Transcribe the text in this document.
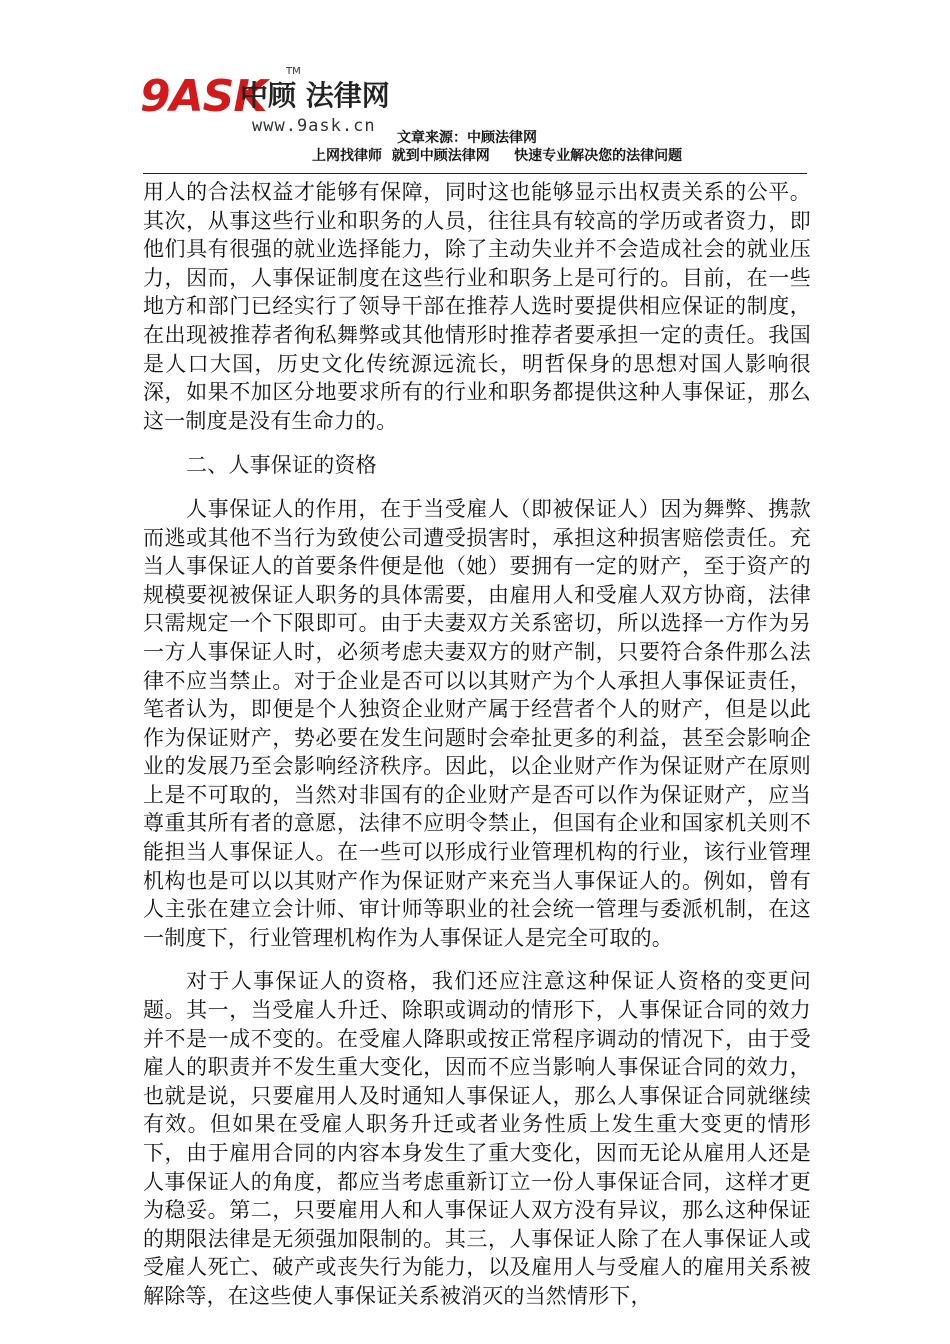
9ASK
中顾 法律网
TM
www.9ask.cn
文章来源：中顾法律网
上网找律师  就到中顾法律网     快速专业解决您的法律问题

用人的合法权益才能够有保障，同时这也能够显示出权责关系的公平。其次，从事这些行业和职务的人员，往往具有较高的学历或者资力，即他们具有很强的就业选择能力，除了主动失业并不会造成社会的就业压力，因而，人事保证制度在这些行业和职务上是可行的。目前，在一些地方和部门已经实行了领导干部在推荐人选时要提供相应保证的制度，在出现被推荐者徇私舞弊或其他情形时推荐者要承担一定的责任。我国是人口大国，历史文化传统源远流长，明哲保身的思想对国人影响很深，如果不加区分地要求所有的行业和职务都提供这种人事保证，那么这一制度是没有生命力的。

二、人事保证的资格

人事保证人的作用，在于当受雇人（即被保证人）因为舞弊、携款而逃或其他不当行为致使公司遭受损害时，承担这种损害赔偿责任。充当人事保证人的首要条件便是他（她）要拥有一定的财产，至于资产的规模要视被保证人职务的具体需要，由雇用人和受雇人双方协商，法律只需规定一个下限即可。由于夫妻双方关系密切，所以选择一方作为另一方人事保证人时，必须考虑夫妻双方的财产制，只要符合条件那么法律不应当禁止。对于企业是否可以以其财产为个人承担人事保证责任，笔者认为，即便是个人独资企业财产属于经营者个人的财产，但是以此作为保证财产，势必要在发生问题时会牵扯更多的利益，甚至会影响企业的发展乃至会影响经济秩序。因此，以企业财产作为保证财产在原则上是不可取的，当然对非国有的企业财产是否可以作为保证财产，应当尊重其所有者的意愿，法律不应明令禁止，但国有企业和国家机关则不能担当人事保证人。在一些可以形成行业管理机构的行业，该行业管理机构也是可以以其财产作为保证财产来充当人事保证人的。例如，曾有人主张在建立会计师、审计师等职业的社会统一管理与委派机制，在这一制度下，行业管理机构作为人事保证人是完全可取的。

对于人事保证人的资格，我们还应注意这种保证人资格的变更问题。其一，当受雇人升迁、除职或调动的情形下，人事保证合同的效力并不是一成不变的。在受雇人降职或按正常程序调动的情况下，由于受雇人的职责并不发生重大变化，因而不应当影响人事保证合同的效力，也就是说，只要雇用人及时通知人事保证人，那么人事保证合同就继续有效。但如果在受雇人职务升迁或者业务性质上发生重大变更的情形下，由于雇用合同的内容本身发生了重大变化，因而无论从雇用人还是人事保证人的角度，都应当考虑重新订立一份人事保证合同，这样才更为稳妥。第二，只要雇用人和人事保证人双方没有异议，那么这种保证的期限法律是无须强加限制的。其三，人事保证人除了在人事保证人或受雇人死亡、破产或丧失行为能力，以及雇用人与受雇人的雇用关系被解除等，在这些使人事保证关系被消灭的当然情形下，
